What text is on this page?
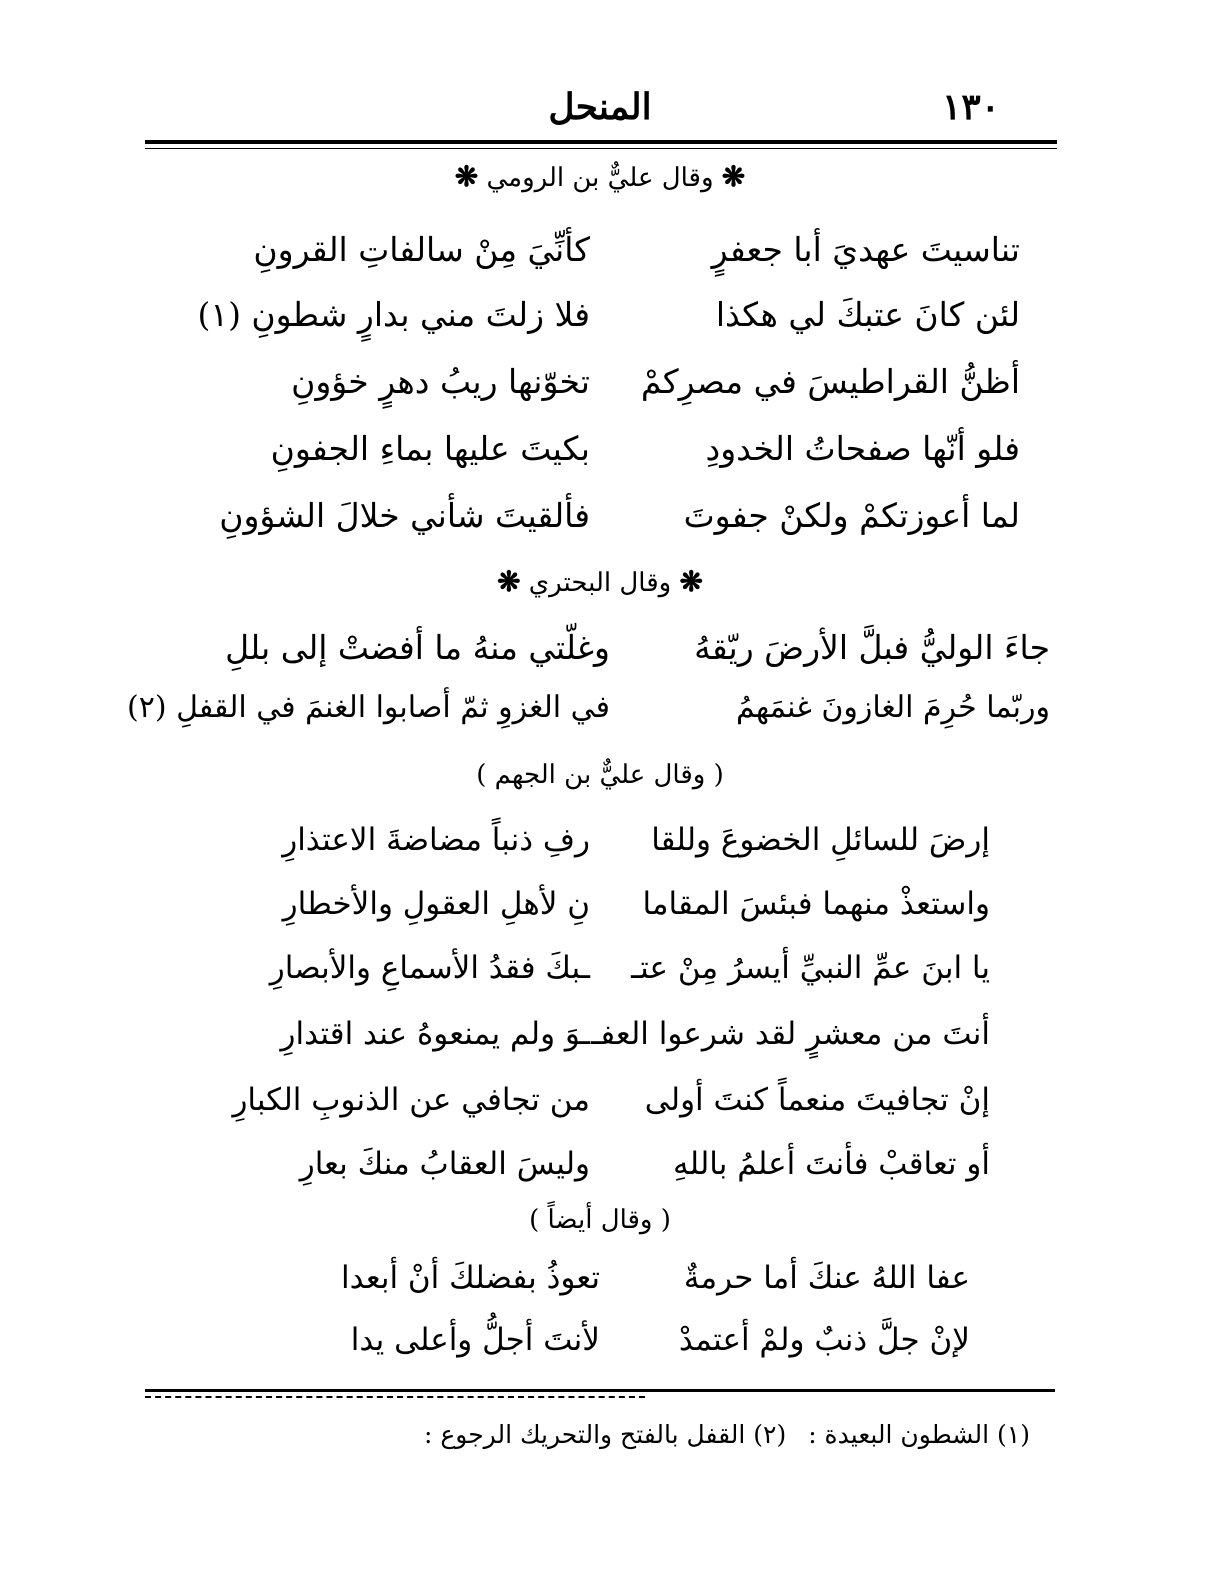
١٣٠
المنحل
❋ وقال عليٌّ بن الرومي ❋
تناسيتَ عهديَ أبا جعفرٍ
كأنِّيَ مِنْ سالفاتِ القرونِ
لئن كانَ عتبكَ لي هكذا
فلا زلتَ مني بدارٍ شطونِ (١)
أظنُّ القراطيسَ في مصرِكمْ
تخوّنها ريبُ دهرٍ خؤونِ
فلو أنّها صفحاتُ الخدودِ
بكيتَ عليها بماءِ الجفونِ
لما أعوزتكمْ ولكنْ جفوتَ
فألقيتَ شأني خلالَ الشؤونِ
❋ وقال البحتري ❋
جاءَ الوليُّ فبلَّ الأرضَ ريّقهُ
وغلّتي منهُ ما أفضتْ إلى بللِ
وربّما حُرِمَ الغازونَ غنمَهمُ
في الغزوِ ثمّ أصابوا الغنمَ في القفلِ (٢)
( وقال عليٌّ بن الجهم )
إرضَ للسائلِ الخضوعَ وللقا
رفِ ذنباً مضاضةَ الاعتذارِ
واستعذْ منهما فبئسَ المقاما
نِ لأهلِ العقولِ والأخطارِ
يا ابنَ عمِّ النبيِّ أيسرُ مِنْ عتـ
ـبكَ فقدُ الأسماعِ والأبصارِ
أنتَ من معشرٍ لقد شرعوا العفـ
ـوَ ولم يمنعوهُ عند اقتدارِ
إنْ تجافيتَ منعماً كنتَ أولى
من تجافي عن الذنوبِ الكبارِ
أو تعاقبْ فأنتَ أعلمُ باللهِ
وليسَ العقابُ منكَ بعارِ
( وقال أيضاً )
عفا اللهُ عنكَ أما حرمةٌ
تعوذُ بفضلكَ أنْ أبعدا
لإنْ جلَّ ذنبٌ ولمْ أعتمدْ
لأنتَ أجلُّ وأعلى يدا
(١) الشطون البعيدة : (٢) القفل بالفتح والتحريك الرجوع :
